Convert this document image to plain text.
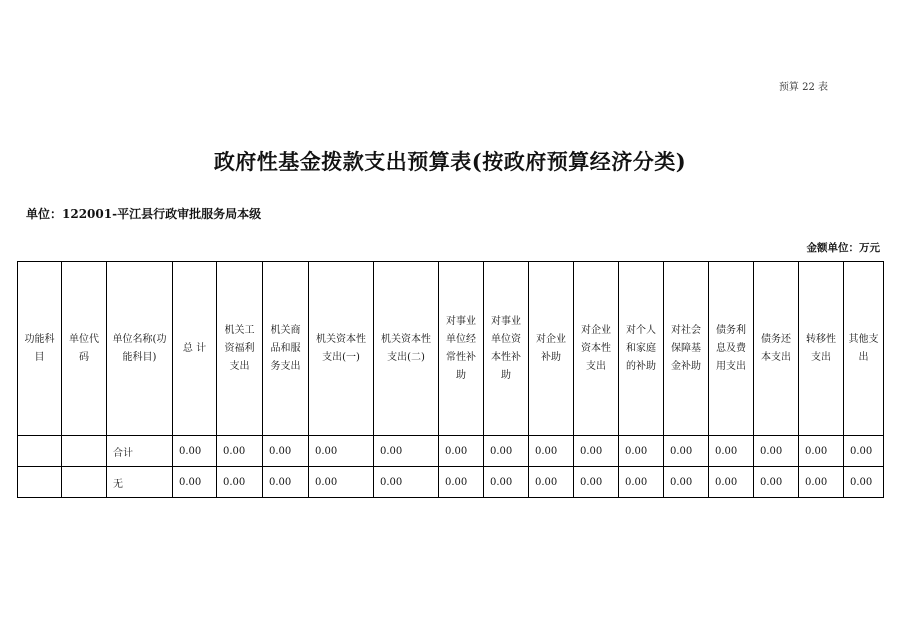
预算 22 表
政府性基金拨款支出预算表(按政府预算经济分类)
单位：122001-平江县行政审批服务局本级
金额单位：万元
功能科目	单位代码	单位名称(功能科目)	总 计	机关工资福利支出	机关商品和服务支出	机关资本性支出(一)	机关资本性支出(二)	对事业单位经常性补助	对事业单位资本性补助	对企业补助	对企业资本性支出	对个人和家庭的补助	对社会保障基金补助	债务利息及费用支出	债务还本支出	转移性支出	其他支出
		合计	0.00	0.00	0.00	0.00	0.00	0.00	0.00	0.00	0.00	0.00	0.00	0.00	0.00	0.00	0.00
		无	0.00	0.00	0.00	0.00	0.00	0.00	0.00	0.00	0.00	0.00	0.00	0.00	0.00	0.00	0.00
